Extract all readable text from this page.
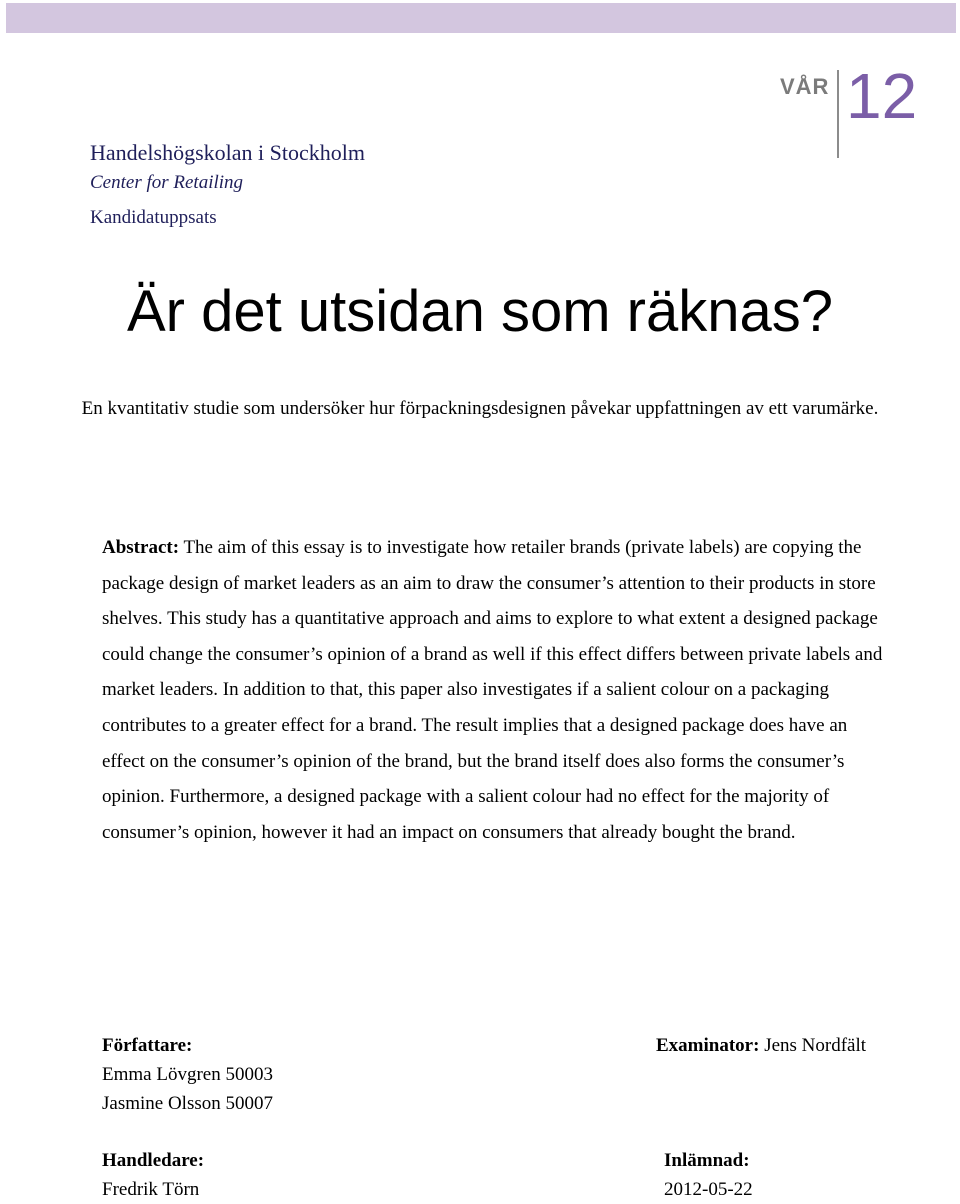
VÅR 12
Handelshögskolan i Stockholm
Center for Retailing
Kandidatuppsats
Är det utsidan som räknas?
En kvantitativ studie som undersöker hur förpackningsdesignen påvekar uppfattningen av ett varumärke.
Abstract: The aim of this essay is to investigate how retailer brands (private labels) are copying the package design of market leaders as an aim to draw the consumer’s attention to their products in store shelves. This study has a quantitative approach and aims to explore to what extent a designed package could change the consumer’s opinion of a brand as well if this effect differs between private labels and market leaders. In addition to that, this paper also investigates if a salient colour on a packaging contributes to a greater effect for a brand. The result implies that a designed package does have an effect on the consumer’s opinion of the brand, but the brand itself does also forms the consumer’s opinion. Furthermore, a designed package with a salient colour had no effect for the majority of consumer’s opinion, however it had an impact on consumers that already bought the brand.
Författare:
Emma Lövgren 50003
Jasmine Olsson 50007
Examinator: Jens Nordfält
Handledare:
Fredrik Törn
Inlämnad:
2012-05-22
